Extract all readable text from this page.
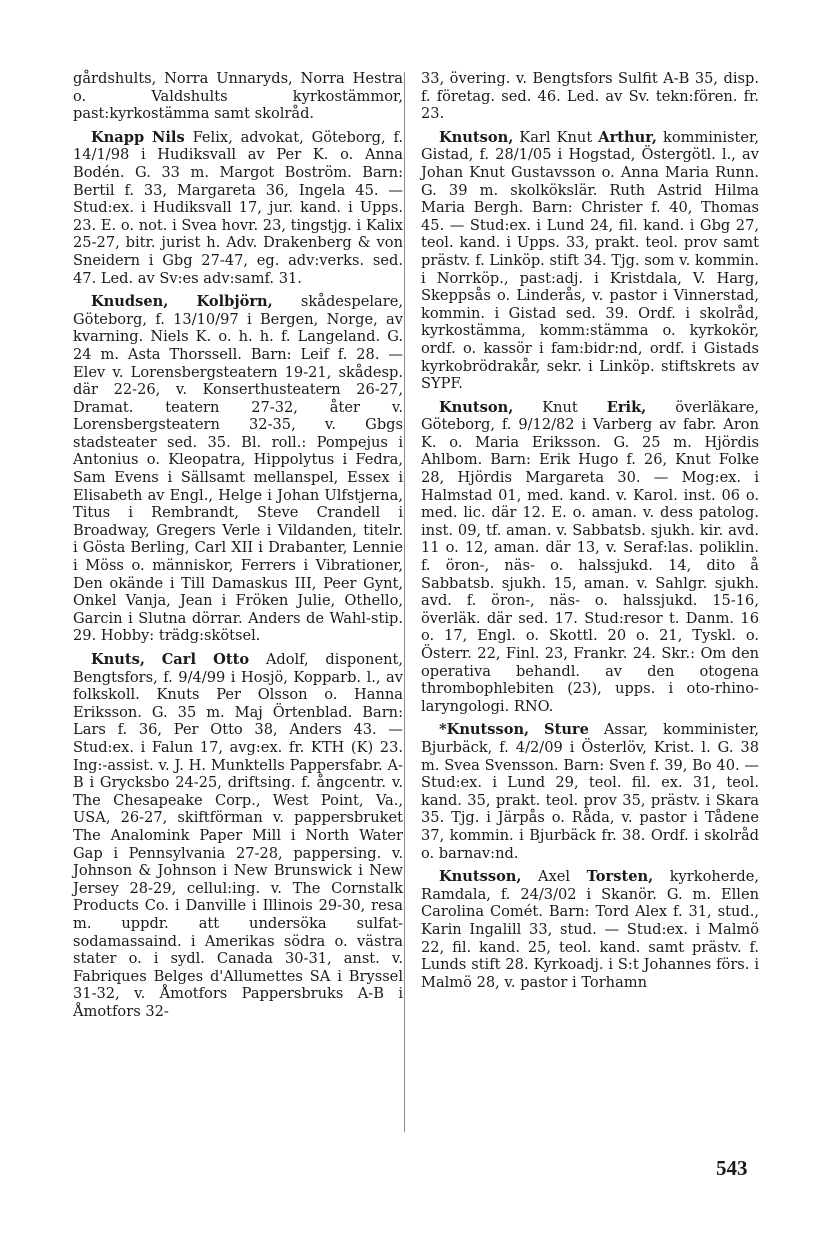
gårdshults, Norra Unnaryds, Norra Hestra o. Valdshults kyrkostämmor, past:kyrkostämma samt skolråd.

Knapp Nils Felix, advokat, Göteborg, f. 14/1/98 i Hudiksvall av Per K. o. Anna Bodén. G. 33 m. Margot Boström. Barn: Bertil f. 33, Margareta 36, Ingela 45. — Stud:ex. i Hudiksvall 17, jur. kand. i Upps. 23. E. o. not. i Svea hovr. 23, tingstjg. i Kalix 25-27, bitr. jurist h. Adv. Drakenberg & von Sneidern i Gbg 27-47, eg. adv:verks. sed. 47. Led. av Sv:es adv:samf. 31.

Knudsen, Kolbjörn, skådespelare, Göteborg, f. 13/10/97 i Bergen, Norge, av kvarning. Niels K. o. h. h. f. Langeland. G. 24 m. Asta Thorssell. Barn: Leif f. 28. — Elev v. Lorensbergsteatern 19-21, skådesp. där 22-26, v. Konserthusteatern 26-27, Dramat. teatern 27-32, åter v. Lorensbergsteatern 32-35, v. Gbgs stadsteater sed. 35. Bl. roll.: Pompejus i Antonius o. Kleopatra, Hippolytus i Fedra, Sam Evens i Sällsamt mellanspel, Essex i Elisabeth av Engl., Helge i Johan Ulfstjerna, Titus i Rembrandt, Steve Crandell i Broadway, Gregers Verle i Vildanden, titelr. i Gösta Berling, Carl XII i Drabanter, Lennie i Möss o. människor, Ferrers i Vibrationer, Den okände i Till Damaskus III, Peer Gynt, Onkel Vanja, Jean i Fröken Julie, Othello, Garcin i Slutna dörrar. Anders de Wahl-stip. 29. Hobby: trädg:skötsel.

Knuts, Carl Otto Adolf, disponent, Bengtsfors, f. 9/4/99 i Hosjö, Kopparb. l., av folkskoll. Knuts Per Olsson o. Hanna Eriksson. G. 35 m. Maj Örtenblad. Barn: Lars f. 36, Per Otto 38, Anders 43. — Stud:ex. i Falun 17, avg:ex. fr. KTH (K) 23. Ing:-assist. v. J. H. Munktells Pappersfabr. A-B i Grycksbo 24-25, driftsing. f. ångcentr. v. The Chesapeake Corp., West Point, Va., USA, 26-27, skiftförman v. pappersbruket The Analomink Paper Mill i North Water Gap i Pennsylvania 27-28, pappersing. v. Johnson & Johnson i New Brunswick i New Jersey 28-29, cellul:ing. v. The Cornstalk Products Co. i Danville i Illinois 29-30, resa m. uppdr. att undersöka sulfat-sodamassaind. i Amerikas södra o. västra stater o. i sydl. Canada 30-31, anst. v. Fabriques Belges d'Allumettes SA i Bryssel 31-32, v. Åmotfors Pappersbruks A-B i Åmotfors 32-

33, övering. v. Bengtsfors Sulfit A-B 35, disp. f. företag. sed. 46. Led. av Sv. tekn:fören. fr. 23.

Knutson, Karl Knut Arthur, komminister, Gistad, f. 28/1/05 i Hogstad, Östergötl. l., av Johan Knut Gustavsson o. Anna Maria Runn. G. 39 m. skolkökslär. Ruth Astrid Hilma Maria Bergh. Barn: Christer f. 40, Thomas 45. — Stud:ex. i Lund 24, fil. kand. i Gbg 27, teol. kand. i Upps. 33, prakt. teol. prov samt prästv. f. Linköp. stift 34. Tjg. som v. kommin. i Norrköp., past:adj. i Kristdala, V. Harg, Skeppsås o. Linderås, v. pastor i Vinnerstad, kommin. i Gistad sed. 39. Ordf. i skolråd, kyrkostämma, komm:stämma o. kyrkokör, ordf. o. kassör i fam:bidr:nd, ordf. i Gistads kyrkobrödrakår, sekr. i Linköp. stiftskrets av SYPF.

Knutson, Knut Erik, överläkare, Göteborg, f. 9/12/82 i Varberg av fabr. Aron K. o. Maria Eriksson. G. 25 m. Hjördis Ahlbom. Barn: Erik Hugo f. 26, Knut Folke 28, Hjördis Margareta 30. — Mog:ex. i Halmstad 01, med. kand. v. Karol. inst. 06 o. med. lic. där 12. E. o. aman. v. dess patolog. inst. 09, tf. aman. v. Sabbatsb. sjukh. kir. avd. 11 o. 12, aman. där 13, v. Seraf:las. poliklin. f. öron-, näs- o. halssjukd. 14, dito å Sabbatsb. sjukh. 15, aman. v. Sahlgr. sjukh. avd. f. öron-, näs- o. halssjukd. 15-16, överläk. där sed. 17. Stud:resor t. Danm. 16 o. 17, Engl. o. Skottl. 20 o. 21, Tyskl. o. Österr. 22, Finl. 23, Frankr. 24. Skr.: Om den operativa behandl. av den otogena thrombophlebiten (23), upps. i oto-rhino-laryngologi. RNO.

*Knutsson, Sture Assar, komminister, Bjurbäck, f. 4/2/09 i Österlöv, Krist. l. G. 38 m. Svea Svensson. Barn: Sven f. 39, Bo 40. — Stud:ex. i Lund 29, teol. fil. ex. 31, teol. kand. 35, prakt. teol. prov 35, prästv. i Skara 35. Tjg. i Järpås o. Råda, v. pastor i Tådene 37, kommin. i Bjurbäck fr. 38. Ordf. i skolråd o. barnav:nd.

Knutsson, Axel Torsten, kyrkoherde, Ramdala, f. 24/3/02 i Skanör. G. m. Ellen Carolina Comét. Barn: Tord Alex f. 31, stud., Karin Ingalill 33, stud. — Stud:ex. i Malmö 22, fil. kand. 25, teol. kand. samt prästv. f. Lunds stift 28. Kyrkoadj. i S:t Johannes förs. i Malmö 28, v. pastor i Torhamn

543
